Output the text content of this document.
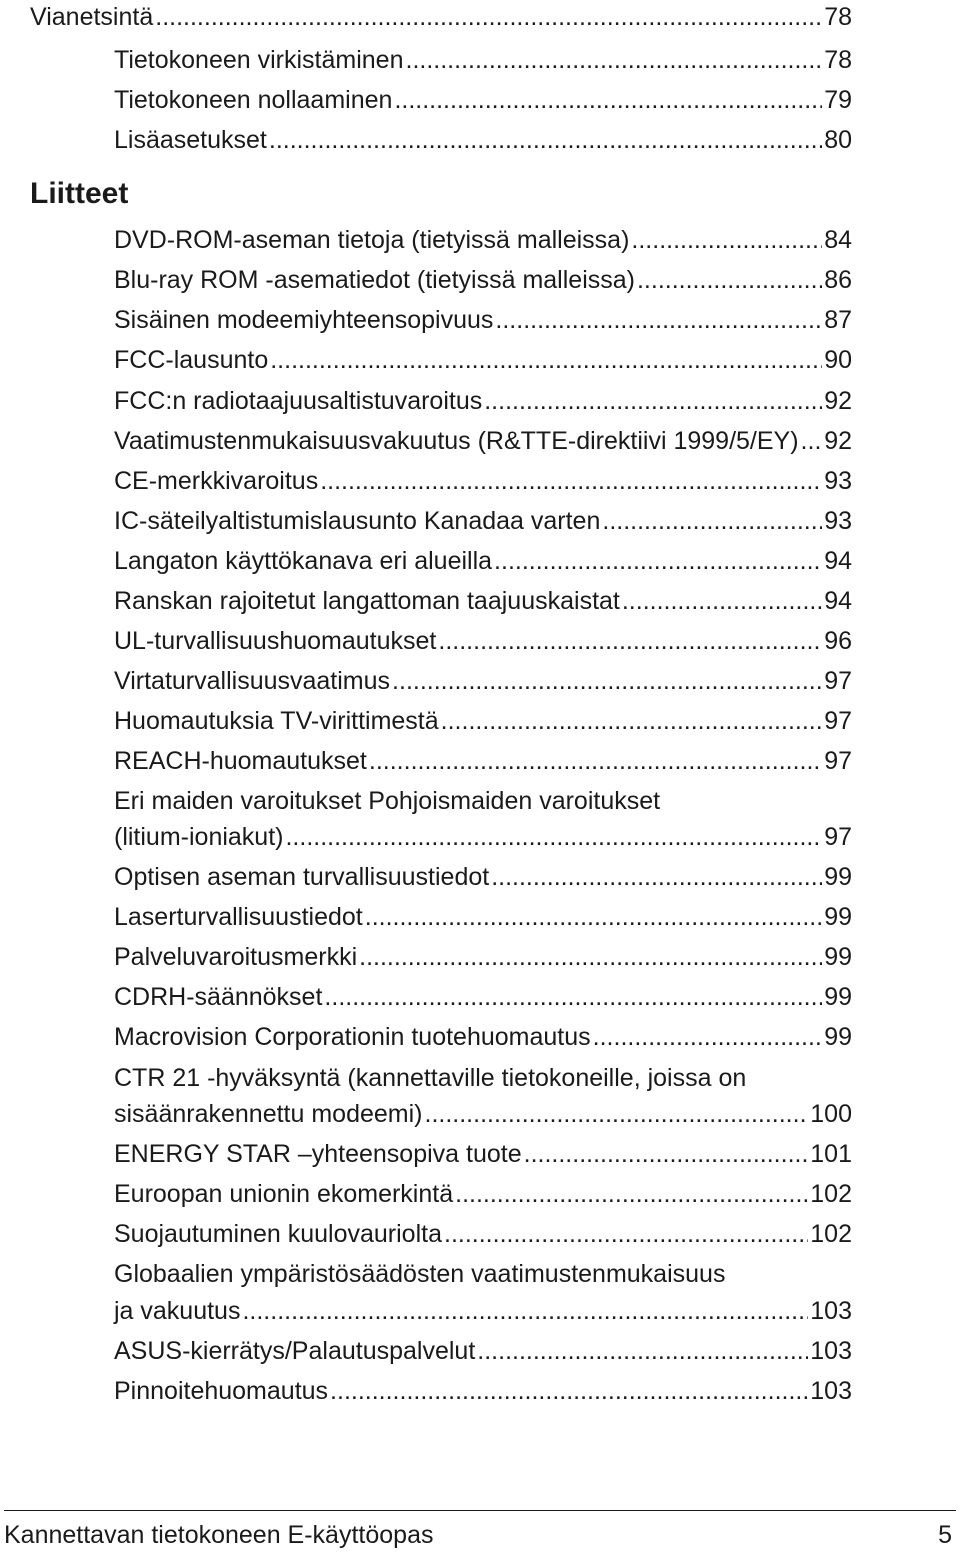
Vianetsintä .....	78
Tietokoneen virkistäminen .....	78
Tietokoneen nollaaminen .....	79
Lisäasetukset .....	80
Liitteet
DVD-ROM-aseman tietoja (tietyissä malleissa) .....	84
Blu-ray ROM -asematiedot (tietyissä malleissa) .....	86
Sisäinen modeemiyhteensopivuus .....	87
FCC-lausunto .....	90
FCC:n radiotaajuusaltistuvaroitus .....	92
Vaatimustenmukaisuusvakuutus (R&TTE-direktiivi 1999/5/EY) ..... 92
CE-merkkivaroitus .....	93
IC-säteilyaltistumislausunto Kanadaa varten .....	93
Langaton käyttökanava eri alueilla .....	94
Ranskan rajoitetut langattoman taajuuskaistat .....	94
UL-turvallisuushuomautukset .....	96
Virtaturvallisuusvaatimus .....	97
Huomautuksia TV-virittimestä .....	97
REACH-huomautukset .....	97
Eri maiden varoitukset Pohjoismaiden varoitukset
(litium-ioniakut) .....	97
Optisen aseman turvallisuustiedot .....	99
Laserturvallisuustiedot .....	99
Palveluvaroitusmerkki .....	99
CDRH-säännökset .....	99
Macrovision Corporationin tuotehuomautus .....	99
CTR 21 -hyväksyntä (kannettaville tietokoneille, joissa on
sisäänrakennettu modeemi) .....	100
ENERGY STAR –yhteensopiva tuote .....	101
Euroopan unionin ekomerkintä .....	102
Suojautuminen kuulovauriolta .....	102
Globaalien ympäristösäädösten vaatimustenmukaisuus
ja vakuutus .....	103
ASUS-kierrätys/Palautuspalvelut .....	103
Pinnoitehuomautus .....	103
Kannettavan tietokoneen E-käyttöopas	5
